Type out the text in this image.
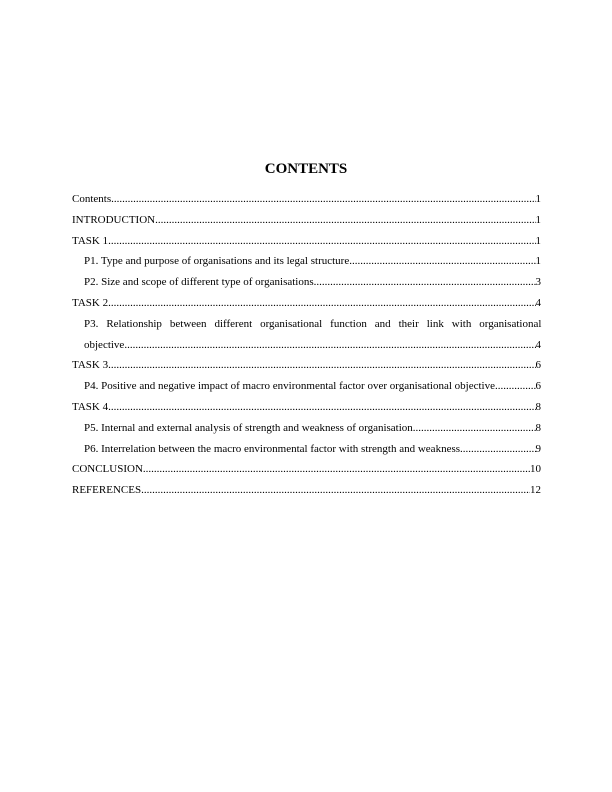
CONTENTS
Contents .....	1
INTRODUCTION .....	1
TASK 1 .....	1
P1. Type and purpose of organisations and its legal structure .....	1
P2. Size and scope of different type of organisations .....	3
TASK 2 .....	4
P3. Relationship between different organisational function and their link with organisational
objective .....	4
TASK 3 .....	6
P4. Positive and negative impact of macro environmental factor over organisational objective .....	6
TASK 4 .....	8
P5. Internal and external analysis of strength and weakness of organisation .....	8
P6. Interrelation between the macro environmental factor with strength and weakness .....	9
CONCLUSION .....	10
REFERENCES .....	12
